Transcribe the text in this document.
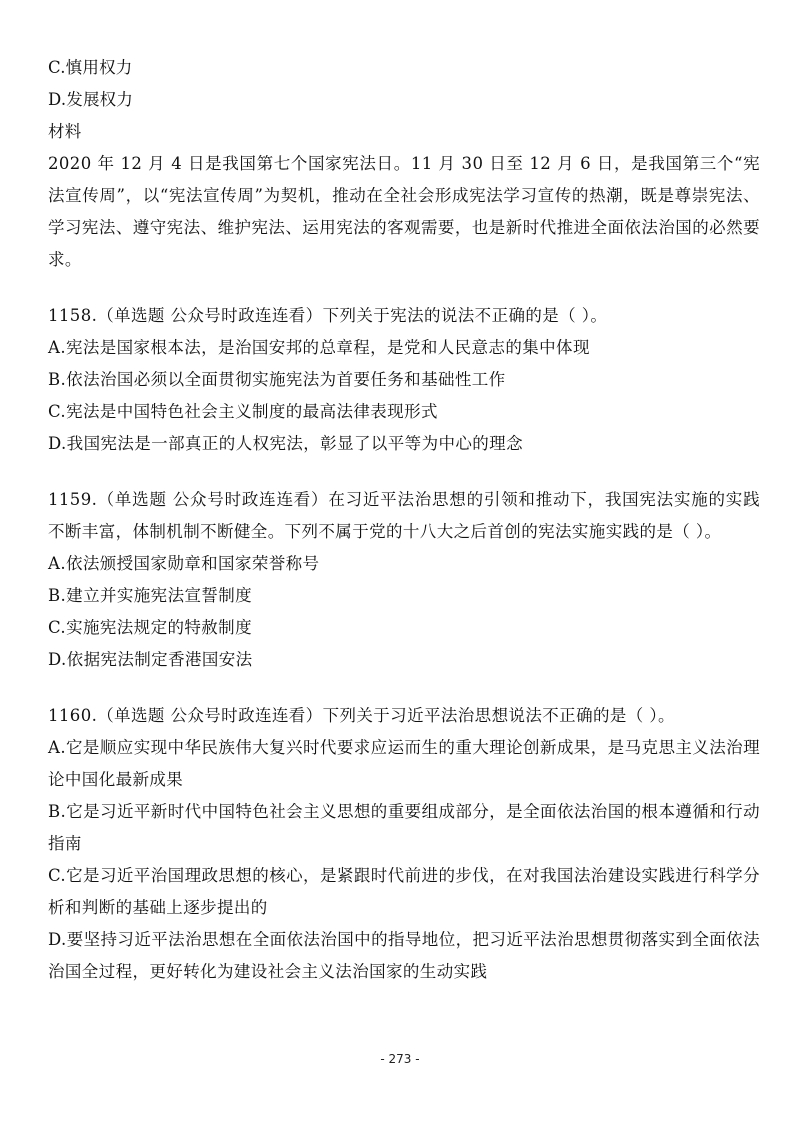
C.慎用权力
D.发展权力
材料
2020 年 12 月 4 日是我国第七个国家宪法日。11 月 30 日至 12 月 6 日，是我国第三个“宪法宣传周”，以“宪法宣传周”为契机，推动在全社会形成宪法学习宣传的热潮，既是尊崇宪法、学习宪法、遵守宪法、维护宪法、运用宪法的客观需要，也是新时代推进全面依法治国的必然要求。
1158.（单选题 公众号时政连连看）下列关于宪法的说法不正确的是（ ）。
A.宪法是国家根本法，是治国安邦的总章程，是党和人民意志的集中体现
B.依法治国必须以全面贯彻实施宪法为首要任务和基础性工作
C.宪法是中国特色社会主义制度的最高法律表现形式
D.我国宪法是一部真正的人权宪法，彰显了以平等为中心的理念
1159.（单选题 公众号时政连连看）在习近平法治思想的引领和推动下，我国宪法实施的实践不断丰富，体制机制不断健全。下列不属于党的十八大之后首创的宪法实施实践的是（ ）。
A.依法颁授国家勋章和国家荣誉称号
B.建立并实施宪法宣誓制度
C.实施宪法规定的特赦制度
D.依据宪法制定香港国安法
1160.（单选题 公众号时政连连看）下列关于习近平法治思想说法不正确的是（ ）。
A.它是顺应实现中华民族伟大复兴时代要求应运而生的重大理论创新成果，是马克思主义法治理论中国化最新成果
B.它是习近平新时代中国特色社会主义思想的重要组成部分，是全面依法治国的根本遵循和行动指南
C.它是习近平治国理政思想的核心，是紧跟时代前进的步伐，在对我国法治建设实践进行科学分析和判断的基础上逐步提出的
D.要坚持习近平法治思想在全面依法治国中的指导地位，把习近平法治思想贯彻落实到全面依法治国全过程，更好转化为建设社会主义法治国家的生动实践
- 273 -
